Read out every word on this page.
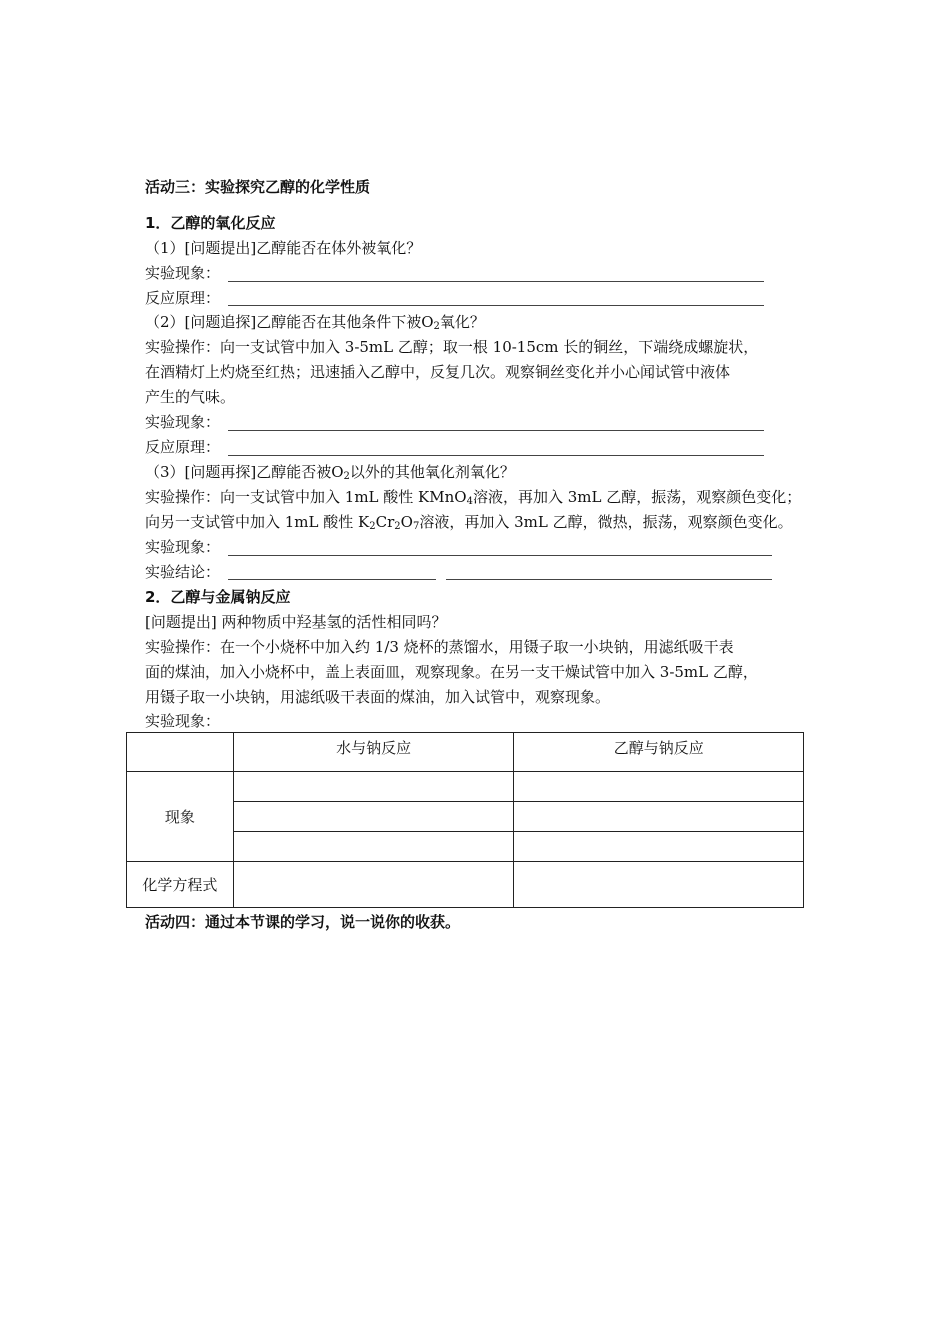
活动三：实验探究乙醇的化学性质
1．乙醇的氧化反应
（1）[问题提出]乙醇能否在体外被氧化？
实验现象：
反应原理：
（2）[问题追探]乙醇能否在其他条件下被$O_2$氧化？
实验操作：向一支试管中加入 3-5mL 乙醇；取一根 10-15cm 长的铜丝，下端绕成螺旋状，
在酒精灯上灼烧至红热；迅速插入乙醇中，反复几次。观察铜丝变化并小心闻试管中液体
产生的气味。
实验现象：
反应原理：
（3）[问题再探]乙醇能否被$O_2$以外的其他氧化剂氧化？
实验操作：向一支试管中加入 1mL 酸性 KMnO$_4$溶液，再加入 3mL 乙醇，振荡，观察颜色变化；
向另一支试管中加入 1mL 酸性 $K_2Cr_2O_7$溶液，再加入 3mL 乙醇，微热，振荡，观察颜色变化。
实验现象：
实验结论：
2．乙醇与金属钠反应
[问题提出] 两种物质中羟基氢的活性相同吗？
实验操作：在一个小烧杯中加入约 1/3 烧杯的蒸馏水，用镊子取一小块钠，用滤纸吸干表
面的煤油，加入小烧杯中，盖上表面皿，观察现象。在另一支干燥试管中加入 3-5mL 乙醇，
用镊子取一小块钠，用滤纸吸干表面的煤油，加入试管中，观察现象。
实验现象：
	水与钠反应	乙醇与钠反应
现象		

化学方程式		
活动四：通过本节课的学习，说一说你的收获。
